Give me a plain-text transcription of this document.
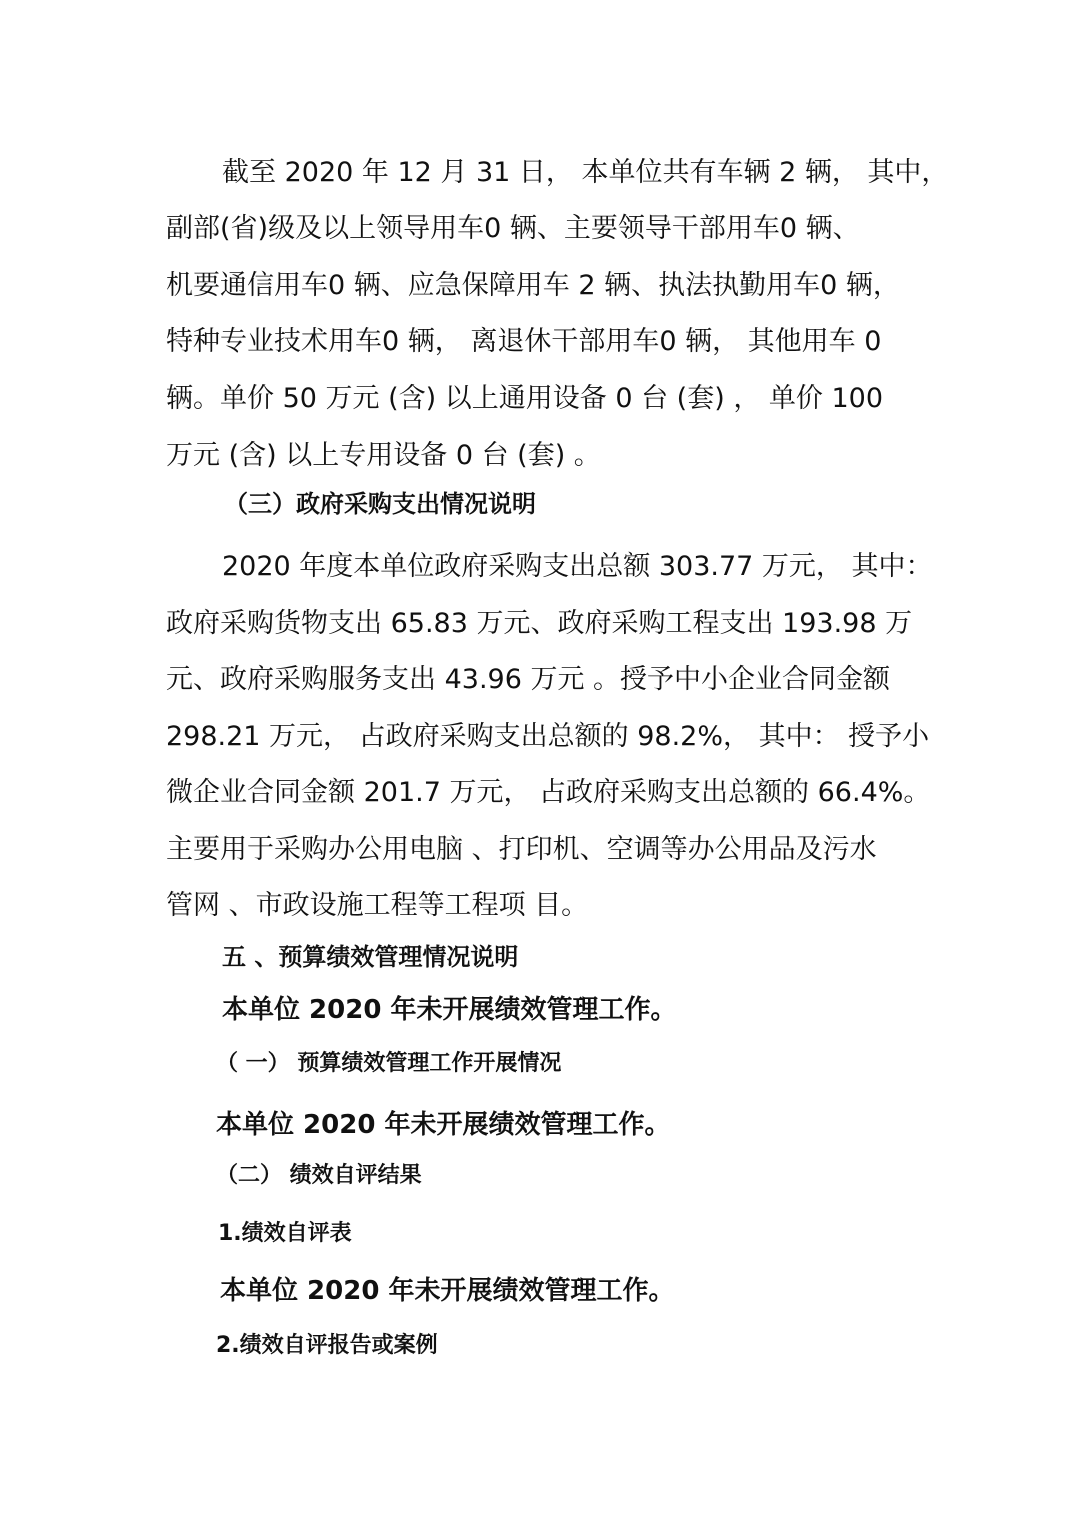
截至 2020 年 12 月 31 日， 本单位共有车辆 2 辆， 其中，

副部(省)级及以上领导用车0 辆、主要领导干部用车0 辆、

机要通信用车0 辆、应急保障用车 2 辆、执法执勤用车0 辆，

特种专业技术用车0 辆， 离退休干部用车0 辆， 其他用车 0

辆。单价 50 万元 (含) 以上通用设备 0 台 (套) ， 单价 100

万元 (含) 以上专用设备 0 台 (套) 。

（三）政府采购支出情况说明

2020 年度本单位政府采购支出总额 303.77 万元， 其中：

政府采购货物支出 65.83 万元、政府采购工程支出 193.98 万

元、政府采购服务支出 43.96 万元 。授予中小企业合同金额

298.21 万元， 占政府采购支出总额的 98.2%， 其中： 授予小

微企业合同金额 201.7 万元， 占政府采购支出总额的 66.4%。

主要用于采购办公用电脑 、打印机、空调等办公用品及污水

管网 、市政设施工程等工程项 目。

五 、预算绩效管理情况说明

本单位 2020 年未开展绩效管理工作。

（ 一） 预算绩效管理工作开展情况

本单位 2020 年未开展绩效管理工作。

（二） 绩效自评结果

1.绩效自评表

本单位 2020 年未开展绩效管理工作。

2.绩效自评报告或案例
